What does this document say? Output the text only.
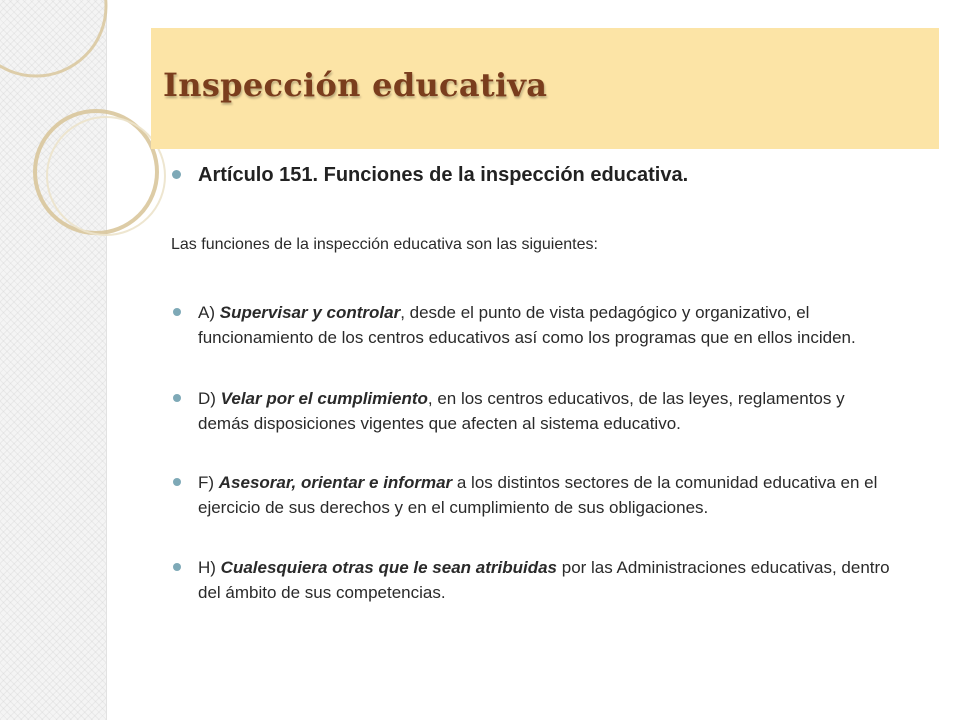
Inspección educativa

Artículo 151. Funciones de la inspección educativa.

Las funciones de la inspección educativa son las siguientes:

A) Supervisar y controlar, desde el punto de vista pedagógico y organizativo, el funcionamiento de los centros educativos así como los programas que en ellos inciden.

D) Velar por el cumplimiento, en los centros educativos, de las leyes, reglamentos y demás disposiciones vigentes que afecten al sistema educativo.

F) Asesorar, orientar e informar a los distintos sectores de la comunidad educativa en el ejercicio de sus derechos y en el cumplimiento de sus obligaciones.

H) Cualesquiera otras que le sean atribuidas por las Administraciones educativas, dentro del ámbito de sus competencias.
